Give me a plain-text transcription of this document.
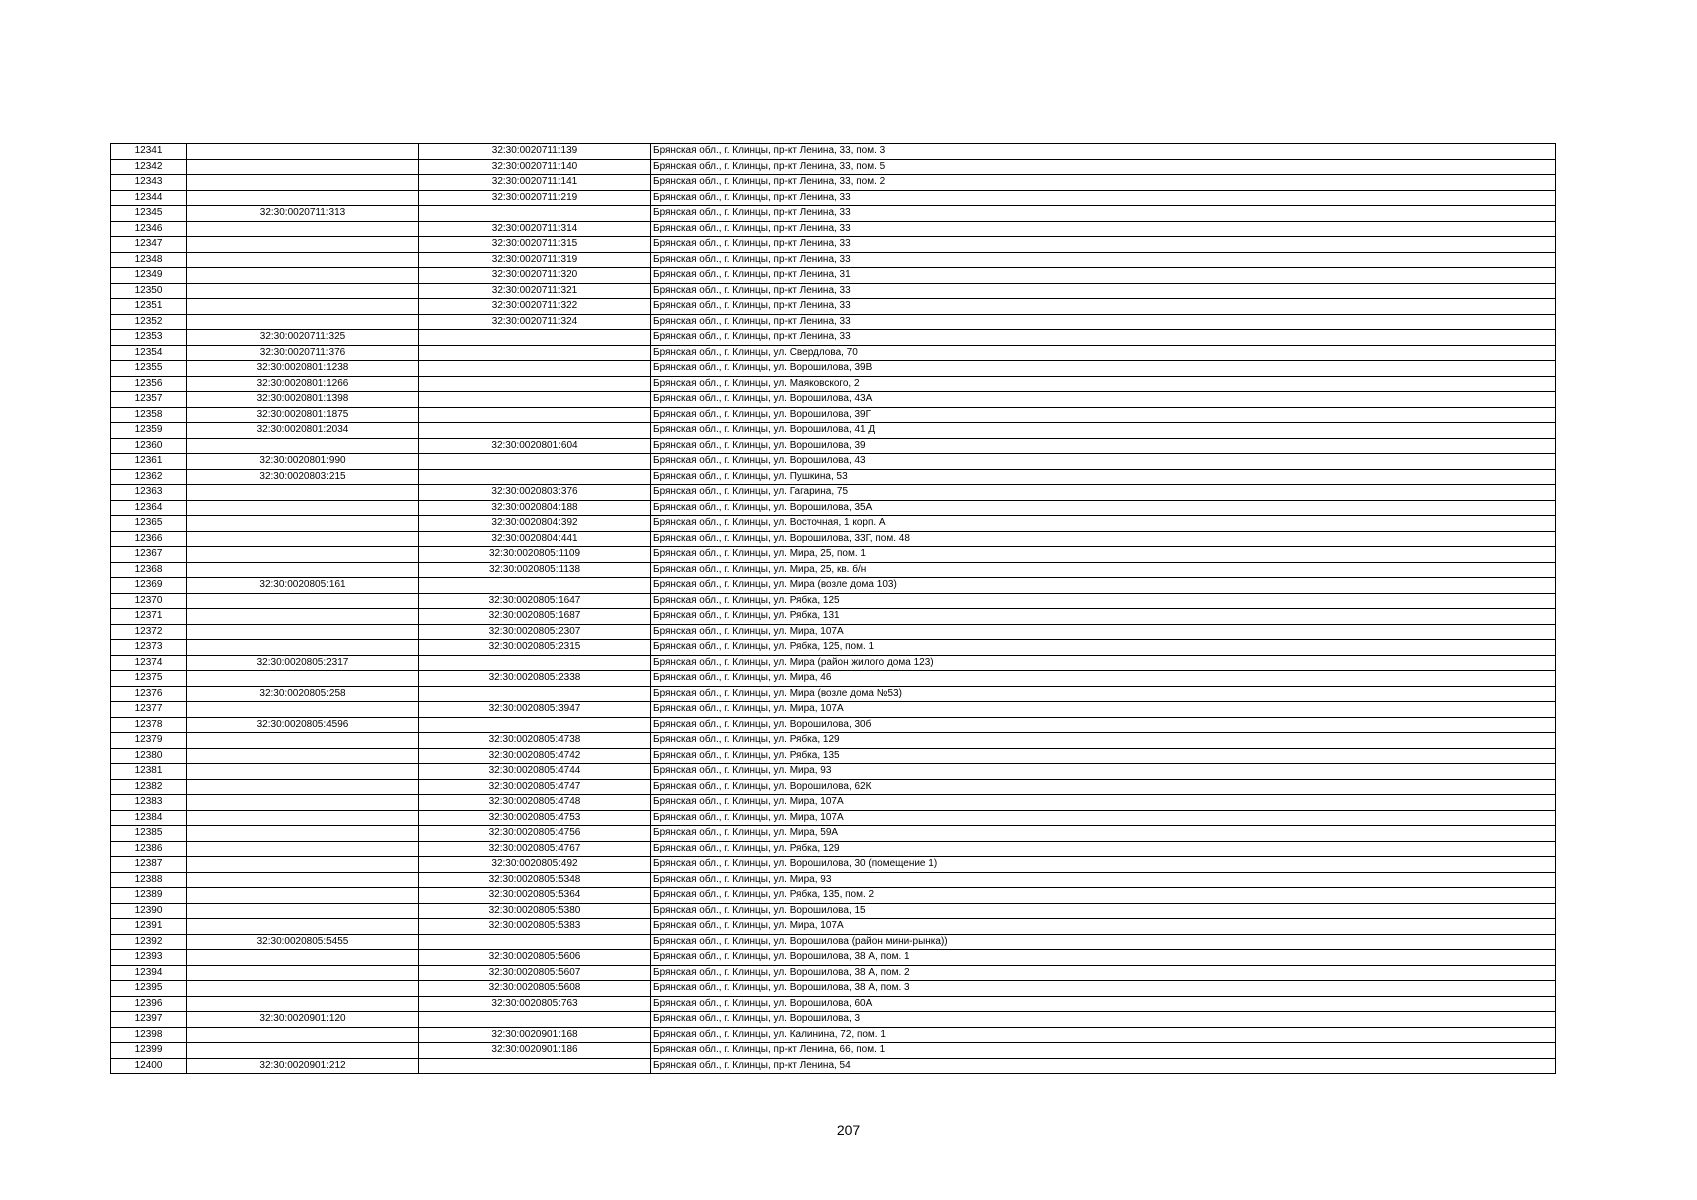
12341		32:30:0020711:139	Брянская обл., г. Клинцы, пр-кт Ленина, 33, пом. 3
12342		32:30:0020711:140	Брянская обл., г. Клинцы, пр-кт Ленина, 33, пом. 5
12343		32:30:0020711:141	Брянская обл., г. Клинцы, пр-кт Ленина, 33, пом. 2
12344		32:30:0020711:219	Брянская обл., г. Клинцы, пр-кт Ленина, 33
12345	32:30:0020711:313		Брянская обл., г. Клинцы, пр-кт Ленина, 33
12346		32:30:0020711:314	Брянская обл., г. Клинцы, пр-кт Ленина, 33
12347		32:30:0020711:315	Брянская обл., г. Клинцы, пр-кт Ленина, 33
12348		32:30:0020711:319	Брянская обл., г. Клинцы, пр-кт Ленина, 33
12349		32:30:0020711:320	Брянская обл., г. Клинцы, пр-кт Ленина, 31
12350		32:30:0020711:321	Брянская обл., г. Клинцы, пр-кт Ленина, 33
12351		32:30:0020711:322	Брянская обл., г. Клинцы, пр-кт Ленина, 33
12352		32:30:0020711:324	Брянская обл., г. Клинцы, пр-кт Ленина, 33
12353	32:30:0020711:325		Брянская обл., г. Клинцы, пр-кт Ленина, 33
12354	32:30:0020711:376		Брянская обл., г. Клинцы, ул. Свердлова, 70
12355	32:30:0020801:1238		Брянская обл., г. Клинцы, ул. Ворошилова, 39В
12356	32:30:0020801:1266		Брянская обл., г. Клинцы, ул. Маяковского, 2
12357	32:30:0020801:1398		Брянская обл., г. Клинцы, ул. Ворошилова, 43А
12358	32:30:0020801:1875		Брянская обл., г. Клинцы, ул. Ворошилова, 39Г
12359	32:30:0020801:2034		Брянская обл., г. Клинцы, ул. Ворошилова, 41 Д
12360		32:30:0020801:604	Брянская обл., г. Клинцы, ул. Ворошилова, 39
12361	32:30:0020801:990		Брянская обл., г. Клинцы, ул. Ворошилова, 43
12362	32:30:0020803:215		Брянская обл., г. Клинцы, ул. Пушкина, 53
12363		32:30:0020803:376	Брянская обл., г. Клинцы, ул. Гагарина, 75
12364		32:30:0020804:188	Брянская обл., г. Клинцы, ул. Ворошилова, 35А
12365		32:30:0020804:392	Брянская обл., г. Клинцы, ул. Восточная, 1 корп. А
12366		32:30:0020804:441	Брянская обл., г. Клинцы, ул. Ворошилова, 33Г, пом. 48
12367		32:30:0020805:1109	Брянская обл., г. Клинцы, ул. Мира, 25, пом. 1
12368		32:30:0020805:1138	Брянская обл., г. Клинцы, ул. Мира, 25, кв. б/н
12369	32:30:0020805:161		Брянская обл., г. Клинцы, ул. Мира (возле дома 103)
12370		32:30:0020805:1647	Брянская обл., г. Клинцы, ул. Рябка, 125
12371		32:30:0020805:1687	Брянская обл., г. Клинцы, ул. Рябка, 131
12372		32:30:0020805:2307	Брянская обл., г. Клинцы, ул. Мира, 107А
12373		32:30:0020805:2315	Брянская обл., г. Клинцы, ул. Рябка, 125, пом. 1
12374	32:30:0020805:2317		Брянская обл., г. Клинцы, ул. Мира (район жилого дома 123)
12375		32:30:0020805:2338	Брянская обл., г. Клинцы, ул. Мира, 46
12376	32:30:0020805:258		Брянская обл., г. Клинцы, ул. Мира (возле дома №53)
12377		32:30:0020805:3947	Брянская обл., г. Клинцы, ул. Мира, 107А
12378	32:30:0020805:4596		Брянская обл., г. Клинцы, ул. Ворошилова, 30б
12379		32:30:0020805:4738	Брянская обл., г. Клинцы, ул. Рябка, 129
12380		32:30:0020805:4742	Брянская обл., г. Клинцы, ул. Рябка, 135
12381		32:30:0020805:4744	Брянская обл., г. Клинцы, ул. Мира, 93
12382		32:30:0020805:4747	Брянская обл., г. Клинцы, ул. Ворошилова, 62К
12383		32:30:0020805:4748	Брянская обл., г. Клинцы, ул. Мира, 107А
12384		32:30:0020805:4753	Брянская обл., г. Клинцы, ул. Мира, 107А
12385		32:30:0020805:4756	Брянская обл., г. Клинцы, ул. Мира, 59А
12386		32:30:0020805:4767	Брянская обл., г. Клинцы, ул. Рябка, 129
12387		32:30:0020805:492	Брянская обл., г. Клинцы, ул. Ворошилова, 30 (помещение 1)
12388		32:30:0020805:5348	Брянская обл., г. Клинцы, ул. Мира, 93
12389		32:30:0020805:5364	Брянская обл., г. Клинцы, ул. Рябка, 135, пом. 2
12390		32:30:0020805:5380	Брянская обл., г. Клинцы, ул. Ворошилова, 15
12391		32:30:0020805:5383	Брянская обл., г. Клинцы, ул. Мира, 107А
12392	32:30:0020805:5455		Брянская обл., г. Клинцы, ул. Ворошилова (район мини-рынка))
12393		32:30:0020805:5606	Брянская обл., г. Клинцы, ул. Ворошилова, 38 А, пом. 1
12394		32:30:0020805:5607	Брянская обл., г. Клинцы, ул. Ворошилова, 38 А, пом. 2
12395		32:30:0020805:5608	Брянская обл., г. Клинцы, ул. Ворошилова, 38 А, пом. 3
12396		32:30:0020805:763	Брянская обл., г. Клинцы, ул. Ворошилова, 60А
12397	32:30:0020901:120		Брянская обл., г. Клинцы, ул. Ворошилова, 3
12398		32:30:0020901:168	Брянская обл., г. Клинцы, ул. Калинина, 72, пом. 1
12399		32:30:0020901:186	Брянская обл., г. Клинцы, пр-кт Ленина, 66, пом. 1
12400	32:30:0020901:212		Брянская обл., г. Клинцы, пр-кт Ленина, 54
207
